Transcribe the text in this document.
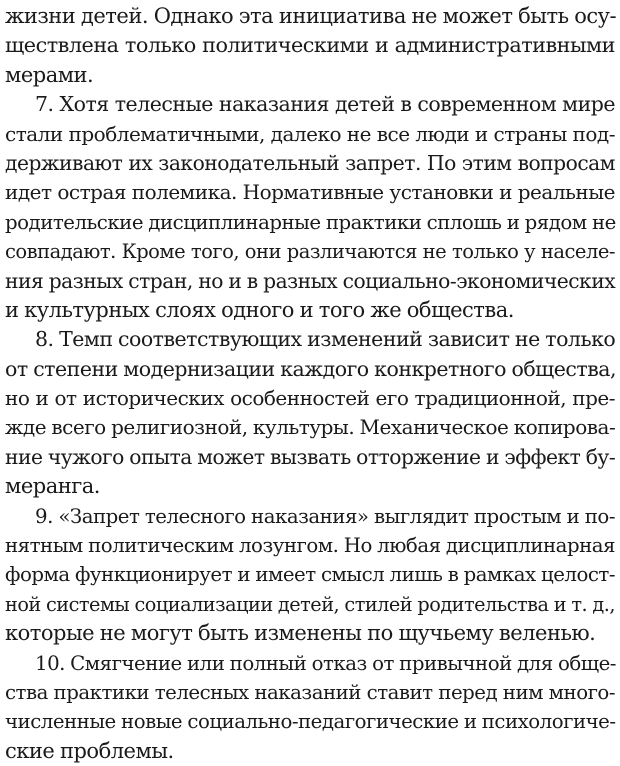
жизни детей. Однако эта инициатива не может быть осу-
ществлена только политическими и административными
мерами.
7. Хотя телесные наказания детей в современном мире
стали проблематичными, далеко не все люди и страны под-
держивают их законодательный запрет. По этим вопросам
идет острая полемика. Нормативные установки и реальные
родительские дисциплинарные практики сплошь и рядом не
совпадают. Кроме того, они различаются не только у населе-
ния разных стран, но и в разных социально-экономических
и культурных слоях одного и того же общества.
8. Темп соответствующих изменений зависит не только
от степени модернизации каждого конкретного общества,
но и от исторических особенностей его традиционной, пре-
жде всего религиозной, культуры. Механическое копирова-
ние чужого опыта может вызвать отторжение и эффект бу-
меранга.
9. «Запрет телесного наказания» выглядит простым и по-
нятным политическим лозунгом. Но любая дисциплинарная
форма функционирует и имеет смысл лишь в рамках целост-
ной системы социализации детей, стилей родительства и т. д.,
которые не могут быть изменены по щучьему веленью.
10. Смягчение или полный отказ от привычной для обще-
ства практики телесных наказаний ставит перед ним много-
численные новые социально-педагогические и психологиче-
ские проблемы.
